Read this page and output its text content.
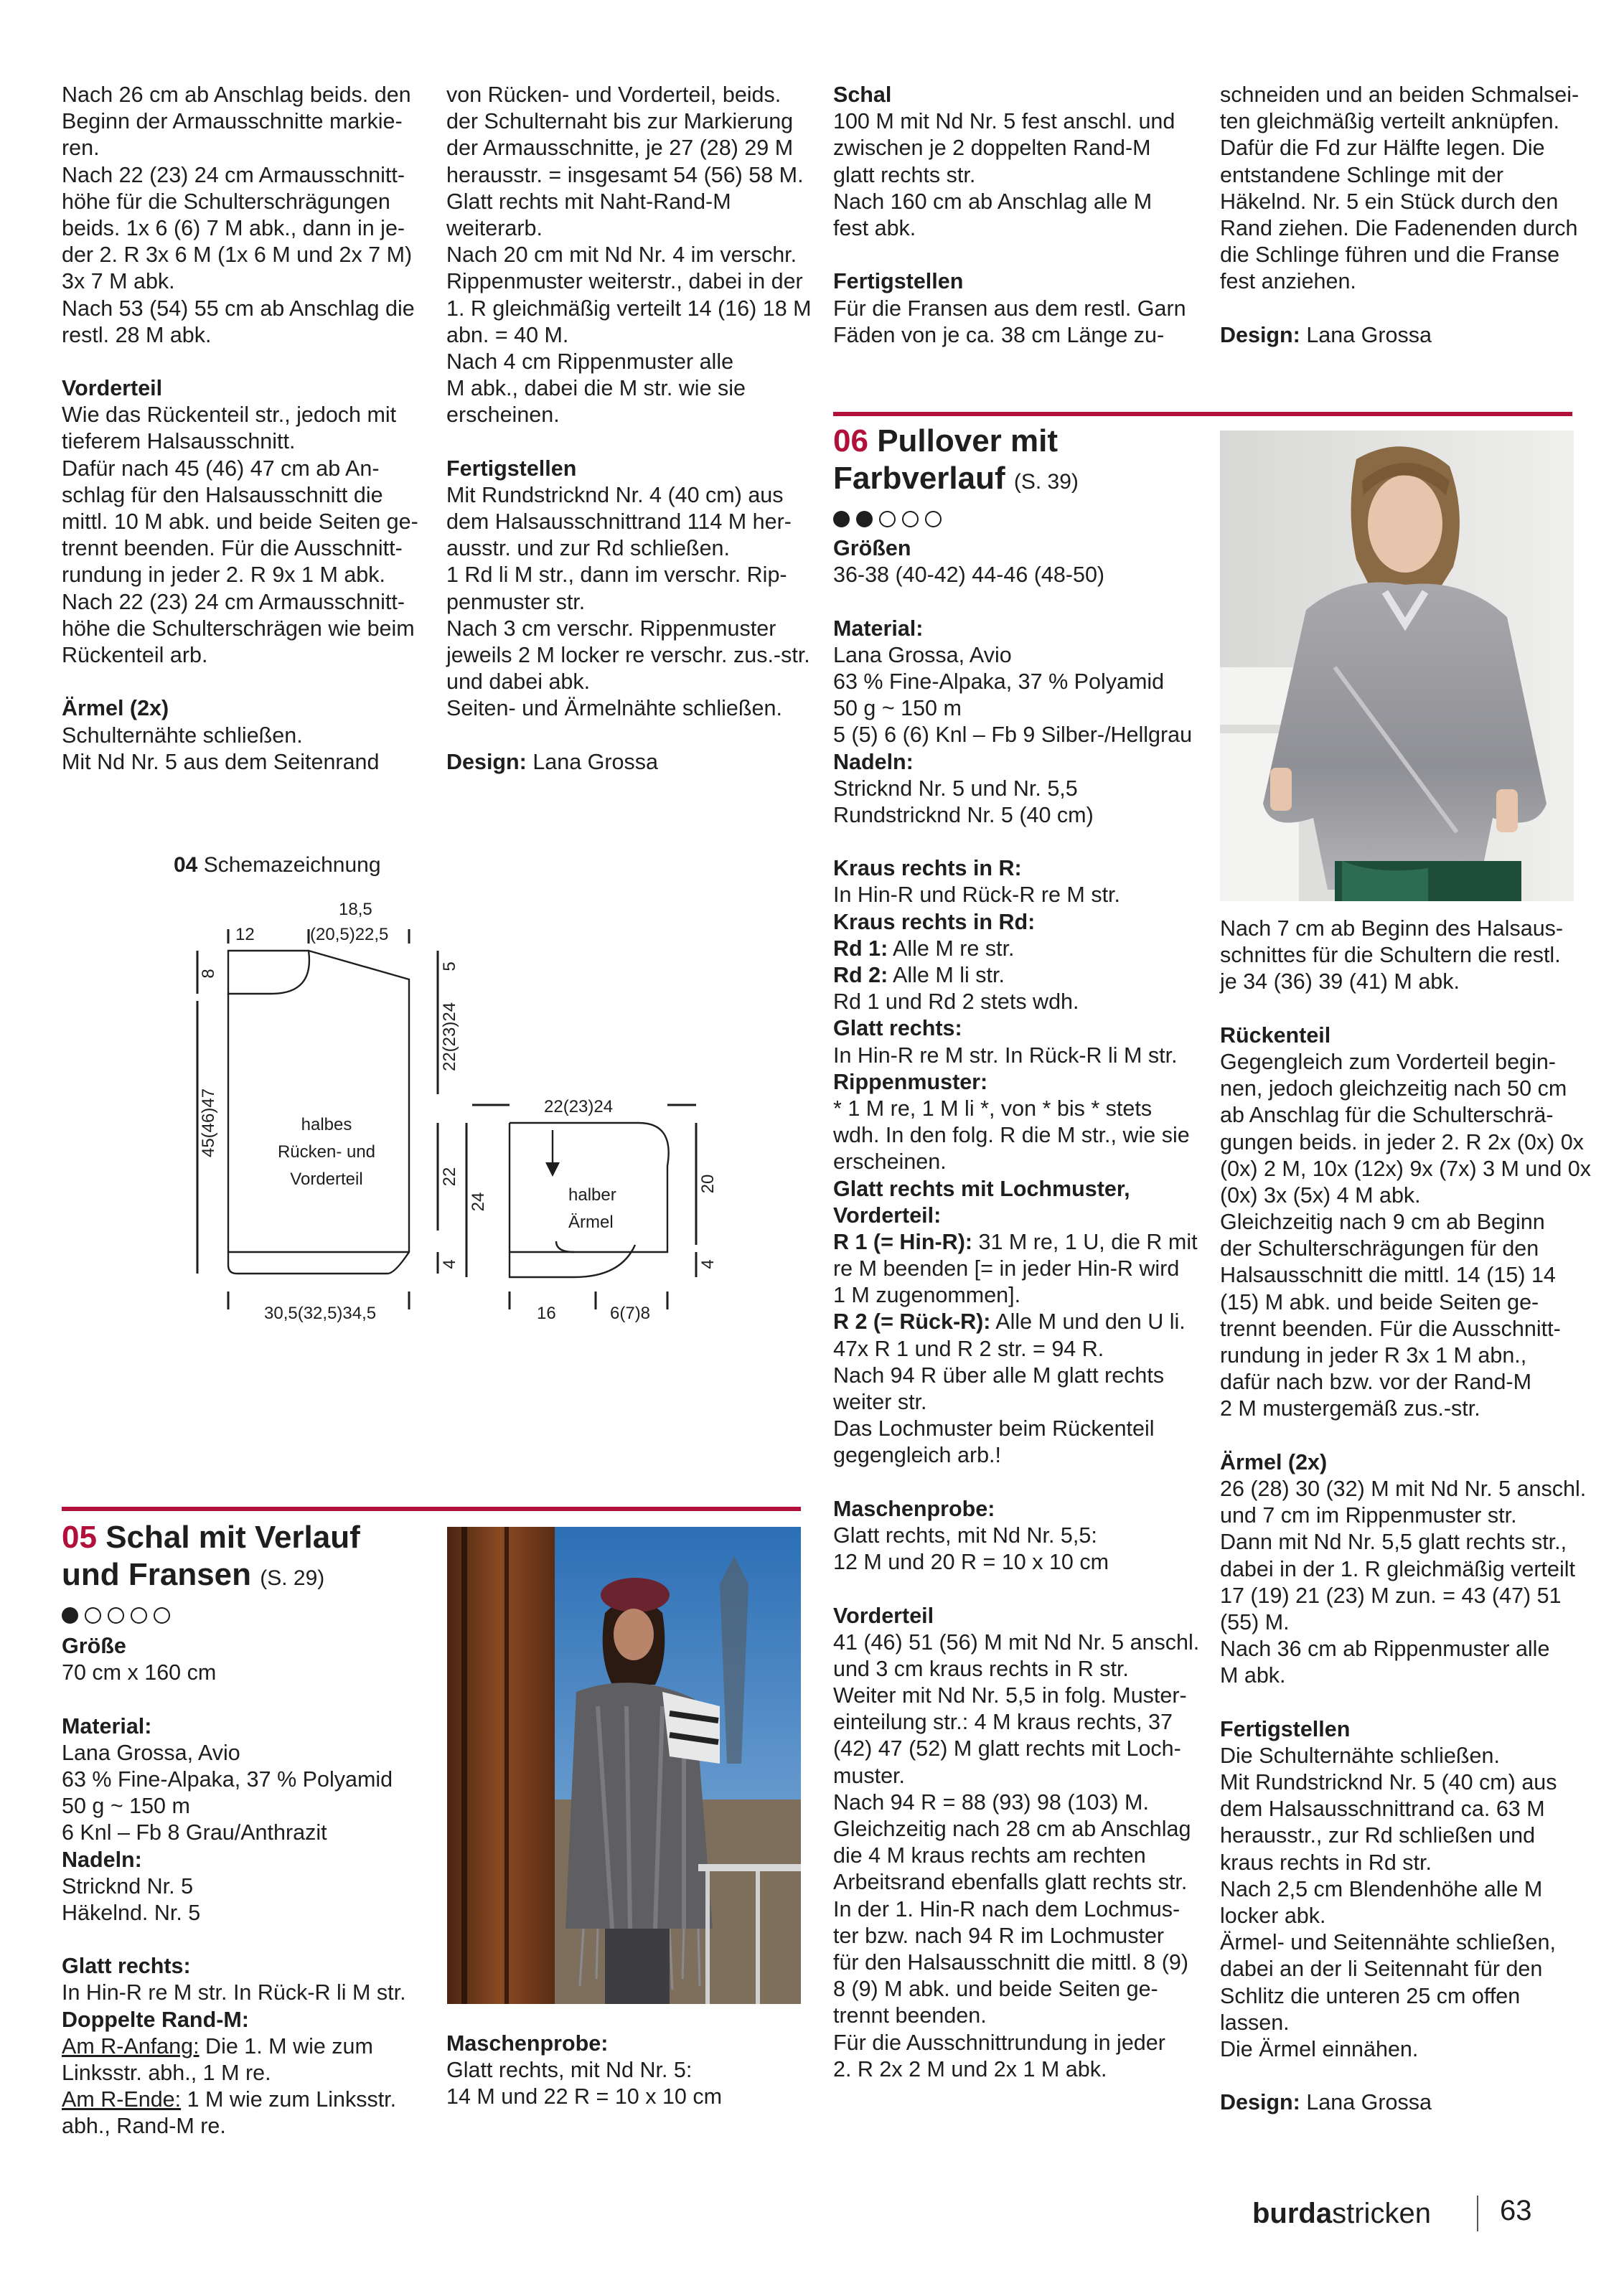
Nach 26 cm ab Anschlag beids. den
Beginn der Armausschnitte markie-
ren.
Nach 22 (23) 24 cm Armausschnitt-
höhe für die Schulterschrägungen
beids. 1x 6 (6) 7 M abk., dann in je-
der 2. R 3x 6 M (1x 6 M und 2x 7 M)
3x 7 M abk.
Nach 53 (54) 55 cm ab Anschlag die
restl. 28 M abk.
Vorderteil
Wie das Rückenteil str., jedoch mit
tieferem Halsausschnitt.
Dafür nach 45 (46) 47 cm ab An-
schlag für den Halsausschnitt die
mittl. 10 M abk. und beide Seiten ge-
trennt beenden. Für die Ausschnitt-
rundung in jeder 2. R 9x 1 M abk.
Nach 22 (23) 24 cm Armausschnitt-
höhe die Schulterschrägen wie beim
Rückenteil arb.
Ärmel (2x)
Schulternähte schließen.
Mit Nd Nr. 5 aus dem Seitenrand
von Rücken- und Vorderteil, beids.
der Schulternaht bis zur Markierung
der Armausschnitte, je 27 (28) 29 M
herausstr. = insgesamt 54 (56) 58 M.
Glatt rechts mit Naht-Rand-M
weiterarb.
Nach 20 cm mit Nd Nr. 4 im verschr.
Rippenmuster weiterstr., dabei in der
1. R gleichmäßig verteilt 14 (16) 18 M
abn. = 40 M.
Nach 4 cm Rippenmuster alle
M abk., dabei die M str. wie sie
erscheinen.
Fertigstellen
Mit Rundstricknd Nr. 4 (40 cm) aus
dem Halsausschnittrand 114 M her-
ausstr. und zur Rd schließen.
1 Rd li M str., dann im verschr. Rip-
penmuster str.
Nach 3 cm verschr. Rippenmuster
jeweils 2 M locker re verschr. zus.-str.
und dabei abk.
Seiten- und Ärmelnähte schließen.
Design: Lana Grossa
Schal
100 M mit Nd Nr. 5 fest anschl. und
zwischen je 2 doppelten Rand-M
glatt rechts str.
Nach 160 cm ab Anschlag alle M
fest abk.
Fertigstellen
Für die Fransen aus dem restl. Garn
Fäden von je ca. 38 cm Länge zu-
schneiden und an beiden Schmalsei-
ten gleichmäßig verteilt anknüpfen.
Dafür die Fd zur Hälfte legen. Die
entstandene Schlinge mit der
Häkelnd. Nr. 5 ein Stück durch den
Rand ziehen. Die Fadenenden durch
die Schlinge führen und die Franse
fest anziehen.
Design: Lana Grossa
06 Pullover mit
Farbverlauf (S. 39)
Größen
36-38 (40-42) 44-46 (48-50)
Material:
Lana Grossa, Avio
63 % Fine-Alpaka, 37 % Polyamid
50 g ~ 150 m
5 (5) 6 (6) Knl – Fb 9 Silber-/Hellgrau
Nadeln:
Stricknd Nr. 5 und Nr. 5,5
Rundstricknd Nr. 5 (40 cm)
Kraus rechts in R:
In Hin-R und Rück-R re M str.
Kraus rechts in Rd:
Rd 1: Alle M re str.
Rd 2: Alle M li str.
Rd 1 und Rd 2 stets wdh.
Glatt rechts:
In Hin-R re M str. In Rück-R li M str.
Rippenmuster:
* 1 M re, 1 M li *, von * bis * stets
wdh. In den folg. R die M str., wie sie
erscheinen.
Glatt rechts mit Lochmuster,
Vorderteil:
R 1 (= Hin-R): 31 M re, 1 U, die R mit
re M beenden [= in jeder Hin-R wird
1 M zugenommen].
R 2 (= Rück-R): Alle M und den U li.
47x R 1 und R 2 str. = 94 R.
Nach 94 R über alle M glatt rechts
weiter str.
Das Lochmuster beim Rückenteil
gegengleich arb.!
Maschenprobe:
Glatt rechts, mit Nd Nr. 5,5:
12 M und 20 R = 10 x 10 cm
Vorderteil
41 (46) 51 (56) M mit Nd Nr. 5 anschl.
und 3 cm kraus rechts in R str.
Weiter mit Nd Nr. 5,5 in folg. Muster-
einteilung str.: 4 M kraus rechts, 37
(42) 47 (52) M glatt rechts mit Loch-
muster.
Nach 94 R = 88 (93) 98 (103) M.
Gleichzeitig nach 28 cm ab Anschlag
die 4 M kraus rechts am rechten
Arbeitsrand ebenfalls glatt rechts str.
In der 1. Hin-R nach dem Lochmus-
ter bzw. nach 94 R im Lochmuster
für den Halsausschnitt die mittl. 8 (9)
8 (9) M abk. und beide Seiten ge-
trennt beenden.
Für die Ausschnittrundung in jeder
2. R 2x 2 M und 2x 1 M abk.
Nach 7 cm ab Beginn des Halsaus-
schnittes für die Schultern die restl.
je 34 (36) 39 (41) M abk.
Rückenteil
Gegengleich zum Vorderteil begin-
nen, jedoch gleichzeitig nach 50 cm
ab Anschlag für die Schulterschrä-
gungen beids. in jeder 2. R 2x (0x) 0x
(0x) 2 M, 10x (12x) 9x (7x) 3 M und 0x
(0x) 3x (5x) 4 M abk.
Gleichzeitig nach 9 cm ab Beginn
der Schulterschrägungen für den
Halsausschnitt die mittl. 14 (15) 14
(15) M abk. und beide Seiten ge-
trennt beenden. Für die Ausschnitt-
rundung in jeder R 3x 1 M abn.,
dafür nach bzw. vor der Rand-M
2 M mustergemäß zus.-str.
Ärmel (2x)
26 (28) 30 (32) M mit Nd Nr. 5 anschl.
und 7 cm im Rippenmuster str.
Dann mit Nd Nr. 5,5 glatt rechts str.,
dabei in der 1. R gleichmäßig verteilt
17 (19) 21 (23) M zun. = 43 (47) 51
(55) M.
Nach 36 cm ab Rippenmuster alle
M abk.
Fertigstellen
Die Schulternähte schließen.
Mit Rundstricknd Nr. 5 (40 cm) aus
dem Halsausschnittrand ca. 63 M
herausstr., zur Rd schließen und
kraus rechts in Rd str.
Nach 2,5 cm Blendenhöhe alle M
locker abk.
Ärmel- und Seitennähte schließen,
dabei an der li Seitennaht für den
Schlitz die unteren 25 cm offen
lassen.
Die Ärmel einnähen.
Design: Lana Grossa
04 Schemazeichnung
12
18,5
(20,5)22,5
halbes
Rücken- und
Vorderteil
30,5(32,5)34,5
22(23)24
halber
Ärmel
16	6(7)8
8
45(46)47
5
22(23)24
22
4
24
20
4
05 Schal mit Verlauf
und Fransen (S. 29)
Größe
70 cm x 160 cm
Material:
Lana Grossa, Avio
63 % Fine-Alpaka, 37 % Polyamid
50 g ~ 150 m
6 Knl – Fb 8 Grau/Anthrazit
Nadeln:
Stricknd Nr. 5
Häkelnd. Nr. 5
Glatt rechts:
In Hin-R re M str. In Rück-R li M str.
Doppelte Rand-M:
Am R-Anfang: Die 1. M wie zum
Linksstr. abh., 1 M re.
Am R-Ende: 1 M wie zum Linksstr.
abh., Rand-M re.
Maschenprobe:
Glatt rechts, mit Nd Nr. 5:
14 M und 22 R = 10 x 10 cm
burdastricken 63
